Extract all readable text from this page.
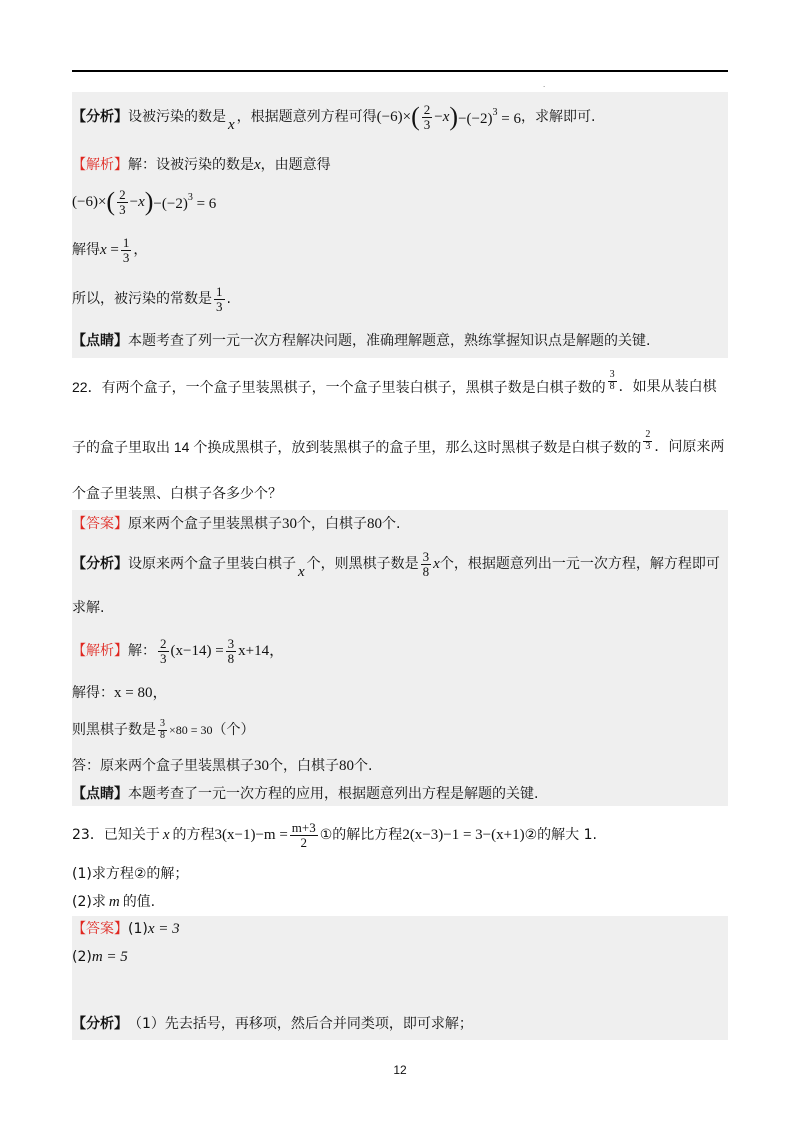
·
【分析】 设被污染的数是
x
，根据题意列方程可得 (−6)× ( $\frac{2}{3} -x$ ) $-(-2)^3 = 6$ ，求解即可.
【解析】 解：设被污染的数是 x ，由题意得
(−6)× ( $\frac{2}{3} -x$ ) $-(-2)^3 = 6$
解得 $x = \frac{1}{3}$ ，
所以，被污染的常数是 $\frac{1}{3}$ .
【点睛】 本题考查了列一元一次方程解决问题，准确理解题意，熟练掌握知识点是解题的关键.
22．有两个盒子，一个盒子里装黑棋子，一个盒子里装白棋子，黑棋子数是白棋子数的 $\frac{3}{8}$ ．如果从装白棋
子的盒子里取出 14 个换成黑棋子，放到装黑棋子的盒子里，那么这时黑棋子数是白棋子数的 $\frac{2}{3}$ ．问原来两
个盒子里装黑、白棋子各多少个？
【答案】 原来两个盒子里装黑棋子 30 个，白棋子 80 个.
【分析】 设原来两个盒子里装白棋子
x
个，则黑棋子数是 $\frac{3}{8}$ x 个，根据题意列出一元一次方程，解方程即可
求解.
【解析】 解： $\frac{2}{3} (x-14) = \frac{3}{8} x+14$，
解得： x = 80，
则黑棋子数是 $\frac{3}{8} \times 80 = 30$ （个）
答：原来两个盒子里装黑棋子 30 个，白棋子 80 个.
【点睛】 本题考查了一元一次方程的应用，根据题意列出方程是解题的关键.
23．已知关于 x 的方程 $3(x-1)-m = \frac{m+3}{2}$ ①的解比方程 2(x−3)−1 = 3−(x+1) ②的解大 1.
(1)求方程②的解；
(2)求 m 的值.
【答案】 (1) x = 3
(2) m = 5
【分析】 （1）先去括号，再移项，然后合并同类项，即可求解；
12
